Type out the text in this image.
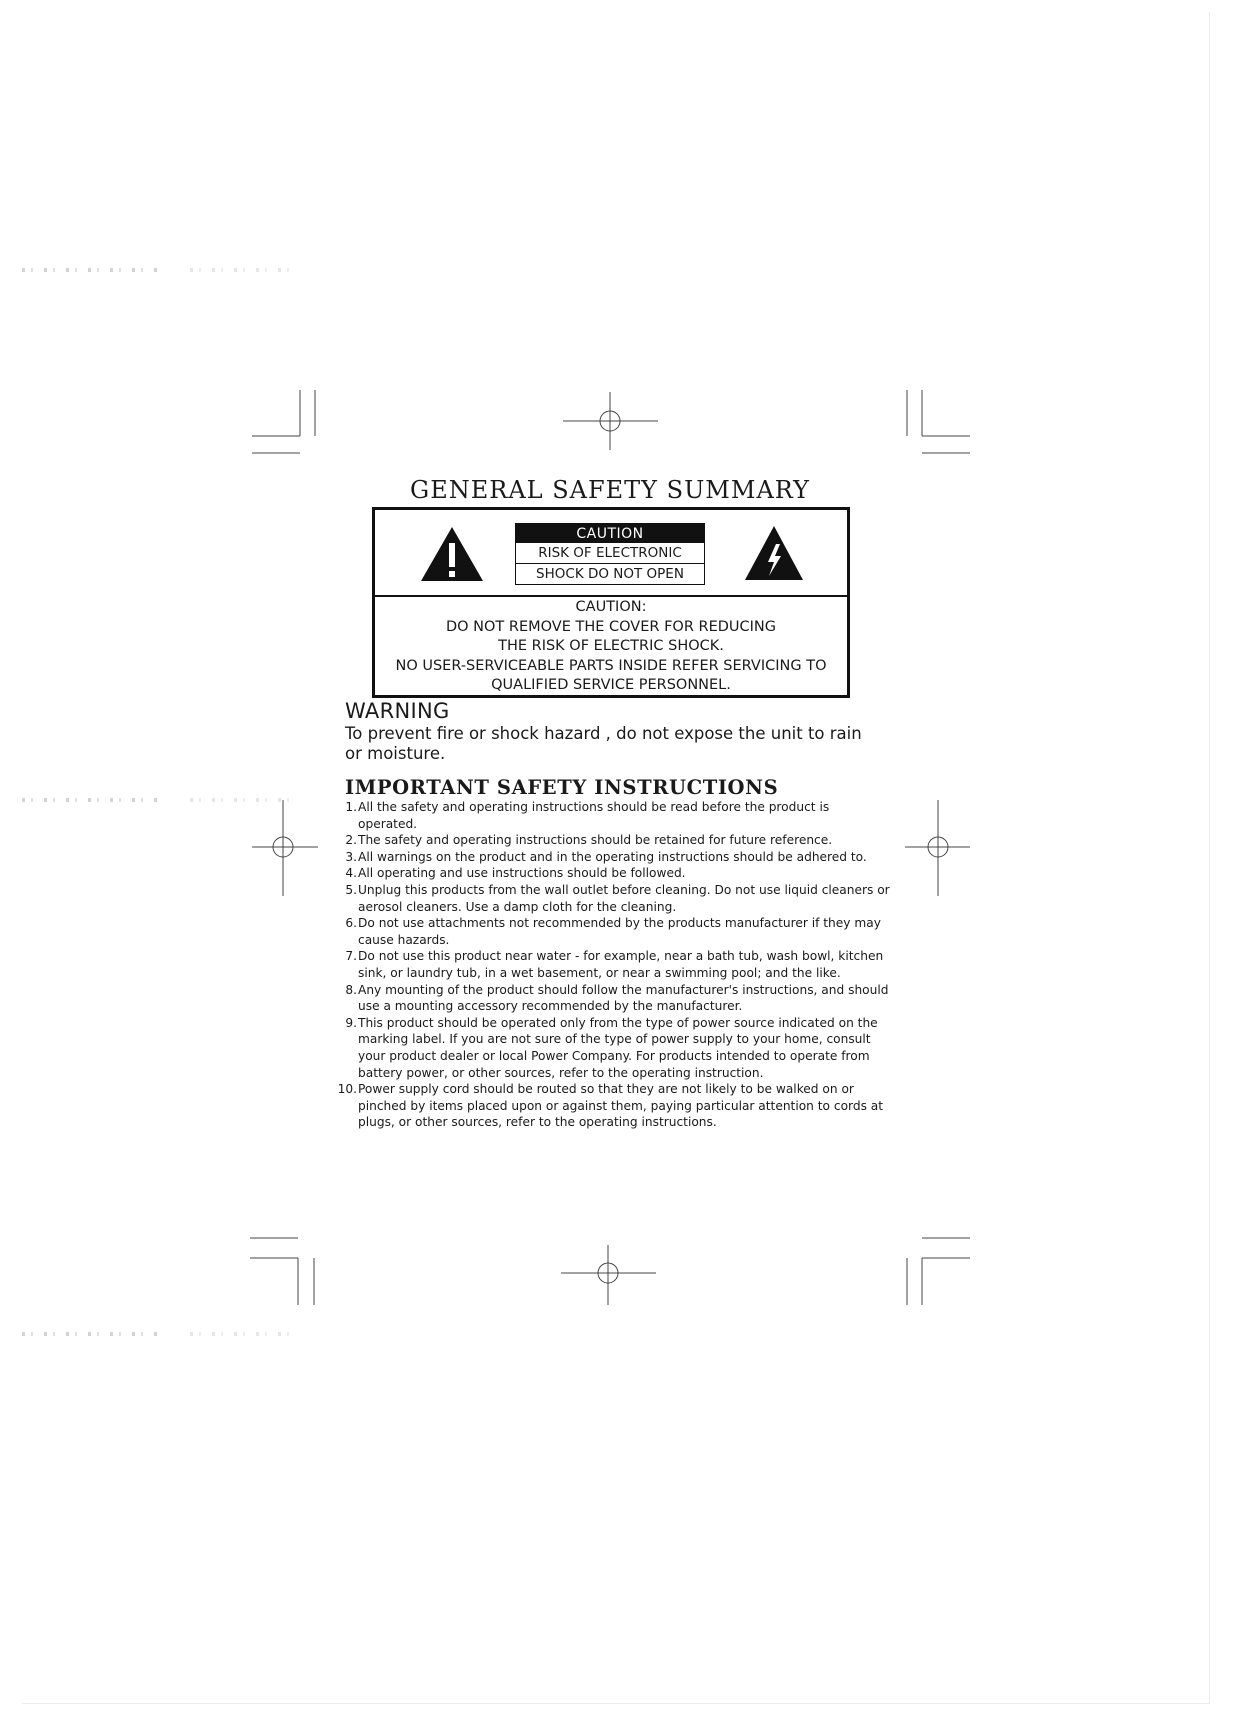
GENERAL SAFETY SUMMARY
CAUTION
RISK OF ELECTRONIC
SHOCK DO NOT OPEN
CAUTION:
DO NOT REMOVE THE COVER FOR REDUCING
THE RISK OF ELECTRIC SHOCK.
NO USER-SERVICEABLE PARTS INSIDE REFER SERVICING TO
QUALIFIED SERVICE PERSONNEL.
WARNING

To prevent fire or shock hazard , do not expose the unit to rain or moisture.

IMPORTANT SAFETY INSTRUCTIONS
1. All the safety and operating instructions should be read before the product is operated.
2. The safety and operating instructions should be retained for future reference.
3. All warnings on the product and in the operating instructions should be adhered to.
4. All operating and use instructions should be followed.
5. Unplug this products from the wall outlet before cleaning. Do not use liquid cleaners or aerosol cleaners. Use a damp cloth for the cleaning.
6. Do not use attachments not recommended by the products manufacturer if they may cause hazards.
7. Do not use this product near water - for example, near a bath tub, wash bowl, kitchen sink, or laundry tub, in a wet basement, or near a swimming pool; and the like.
8. Any mounting of the product should follow the manufacturer's instructions, and should use a mounting accessory recommended by the manufacturer.
9. This product should be operated only from the type of power source indicated on the marking label. If you are not sure of the type of power supply to your home, consult your product dealer or local Power Company. For products intended to operate from battery power, or other sources, refer to the operating instruction.
10. Power supply cord should be routed so that they are not likely to be walked on or pinched by items placed upon or against them, paying particular attention to cords at plugs, or other sources, refer to the operating instructions.
